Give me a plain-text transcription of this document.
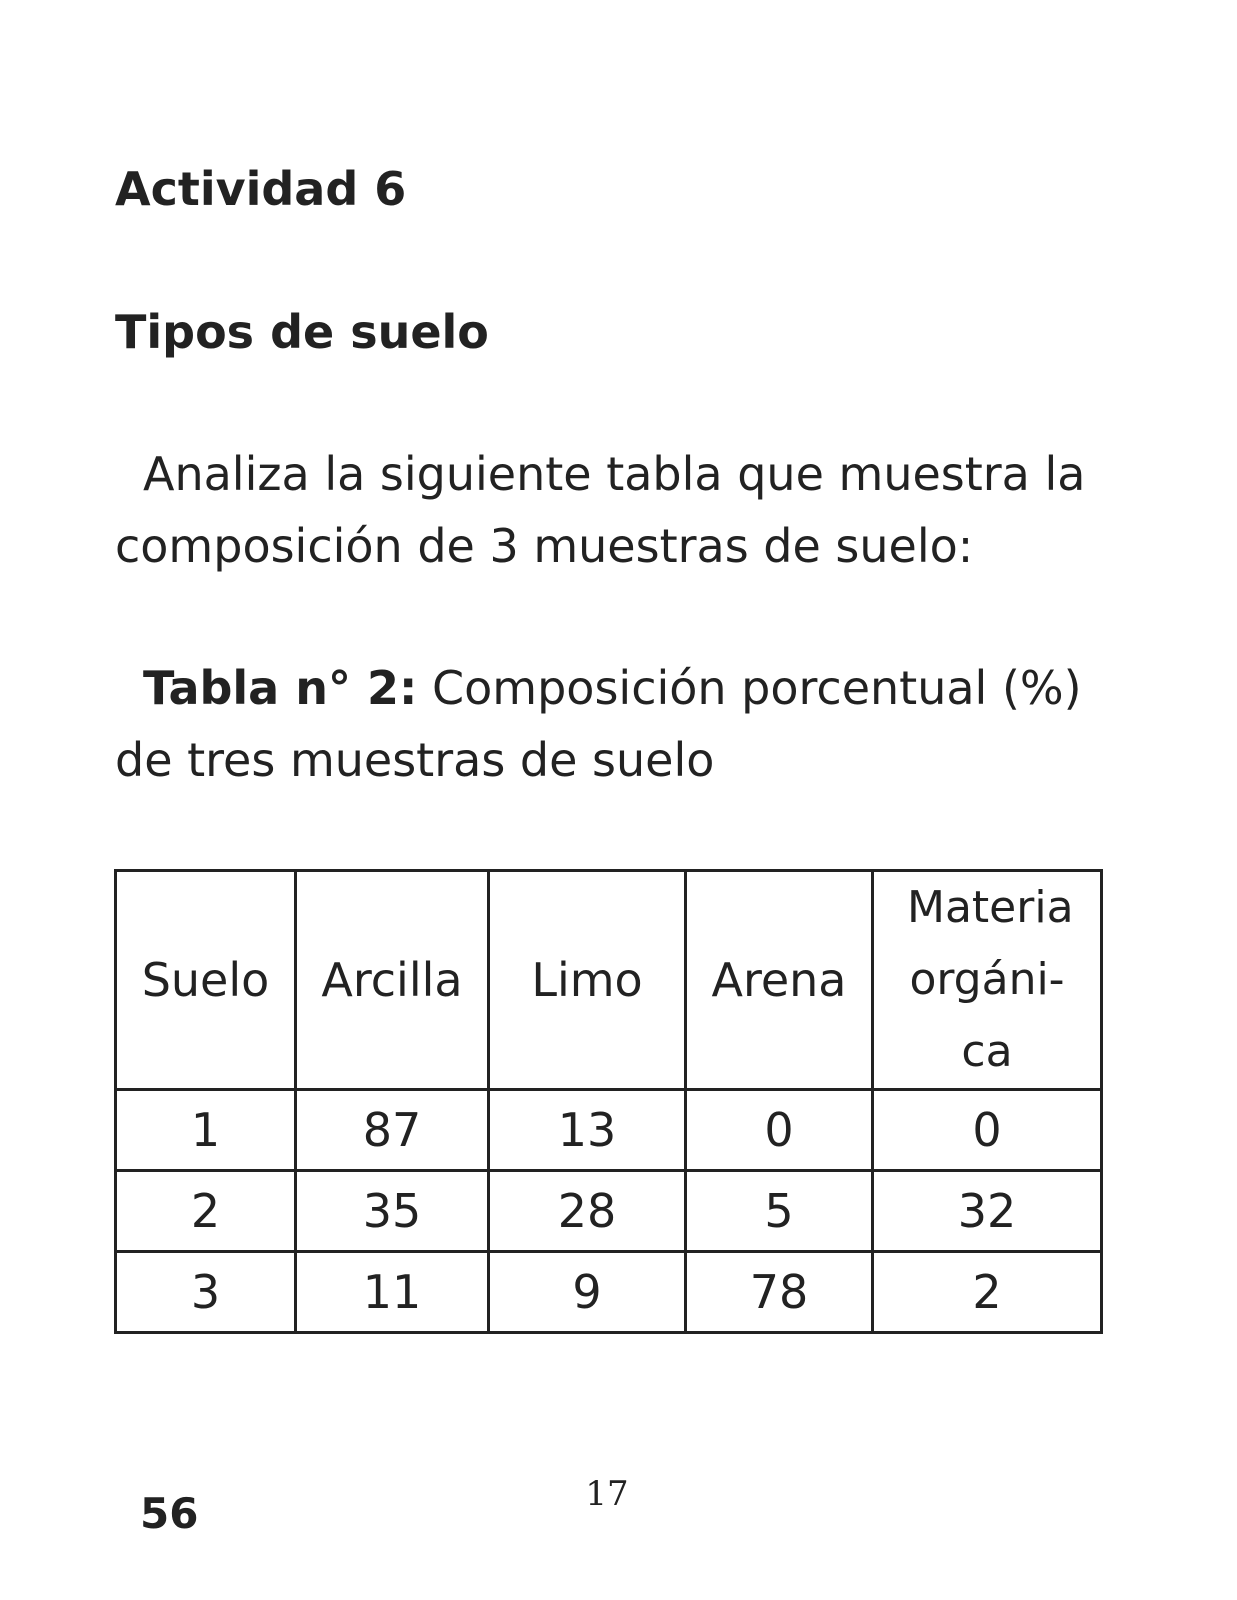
Actividad 6
Tipos de suelo

Analiza la siguiente tabla que muestra la composición de 3 muestras de suelo:

Tabla n° 2: Composición porcentual (%) de tres muestras de suelo

Suelo	Arcilla	Limo	Arena	Materia orgáni-ca
1	87	13	0	0
2	35	28	5	32
3	11	9	78	2

56	17
